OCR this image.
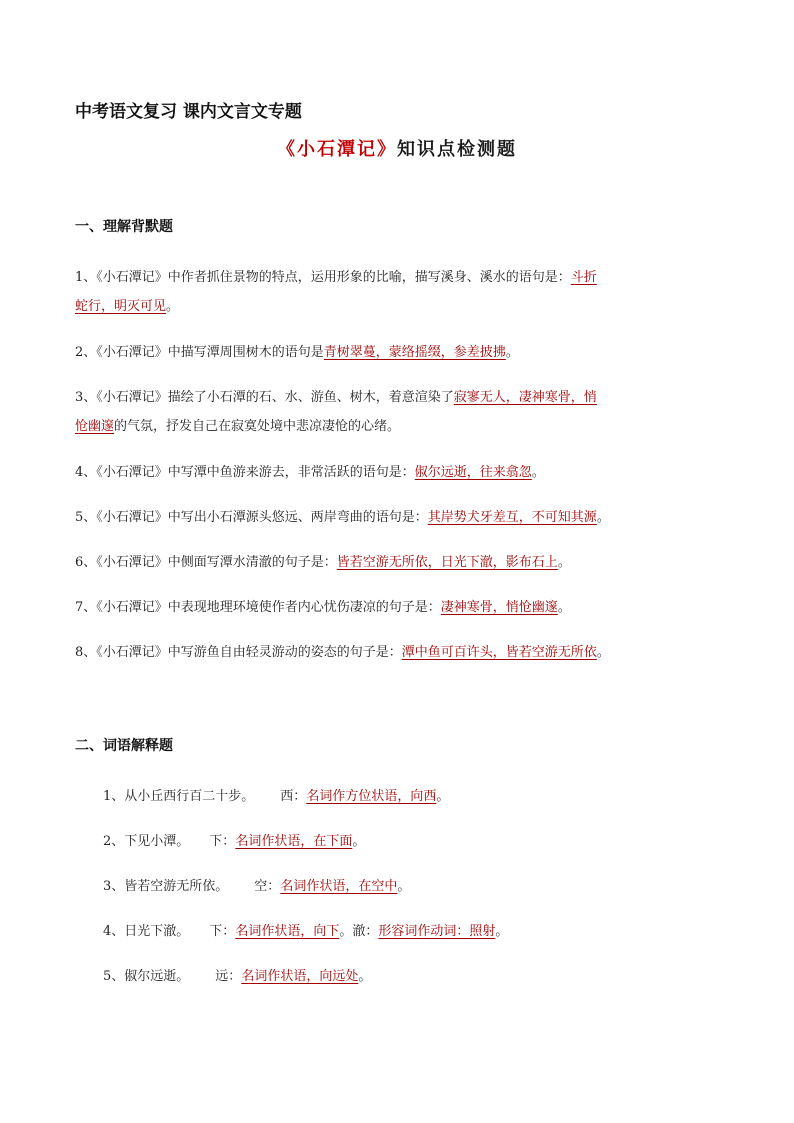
中考语文复习 课内文言文专题
《小石潭记》知识点检测题
一、理解背默题
1、《小石潭记》中作者抓住景物的特点，运用形象的比喻，描写溪身、溪水的语句是：斗折
蛇行，明灭可见。
2、《小石潭记》中描写潭周围树木的语句是青树翠蔓，蒙络摇缀，参差披拂。
3、《小石潭记》描绘了小石潭的石、水、游鱼、树木，着意渲染了寂寥无人，凄神寒骨，悄
怆幽邃的气氛，抒发自己在寂寞处境中悲凉凄怆的心绪。
4、《小石潭记》中写潭中鱼游来游去，非常活跃的语句是：俶尔远逝，往来翕忽。
5、《小石潭记》中写出小石潭源头悠远、两岸弯曲的语句是：其岸势犬牙差互，不可知其源。
6、《小石潭记》中侧面写潭水清澈的句子是：皆若空游无所依，日光下澈，影布石上。
7、《小石潭记》中表现地理环境使作者内心忧伤凄凉的句子是：凄神寒骨，悄怆幽邃。
8、《小石潭记》中写游鱼自由轻灵游动的姿态的句子是：潭中鱼可百许头，皆若空游无所依。
二、词语解释题
1、从小丘西行百二十步。 西：名词作方位状语，向西。
2、下见小潭。 下：名词作状语，在下面。
3、皆若空游无所依。 空：名词作状语，在空中。
4、日光下澈。 下：名词作状语，向下。澈：形容词作动词：照射。
5、俶尔远逝。 远：名词作状语，向远处。
